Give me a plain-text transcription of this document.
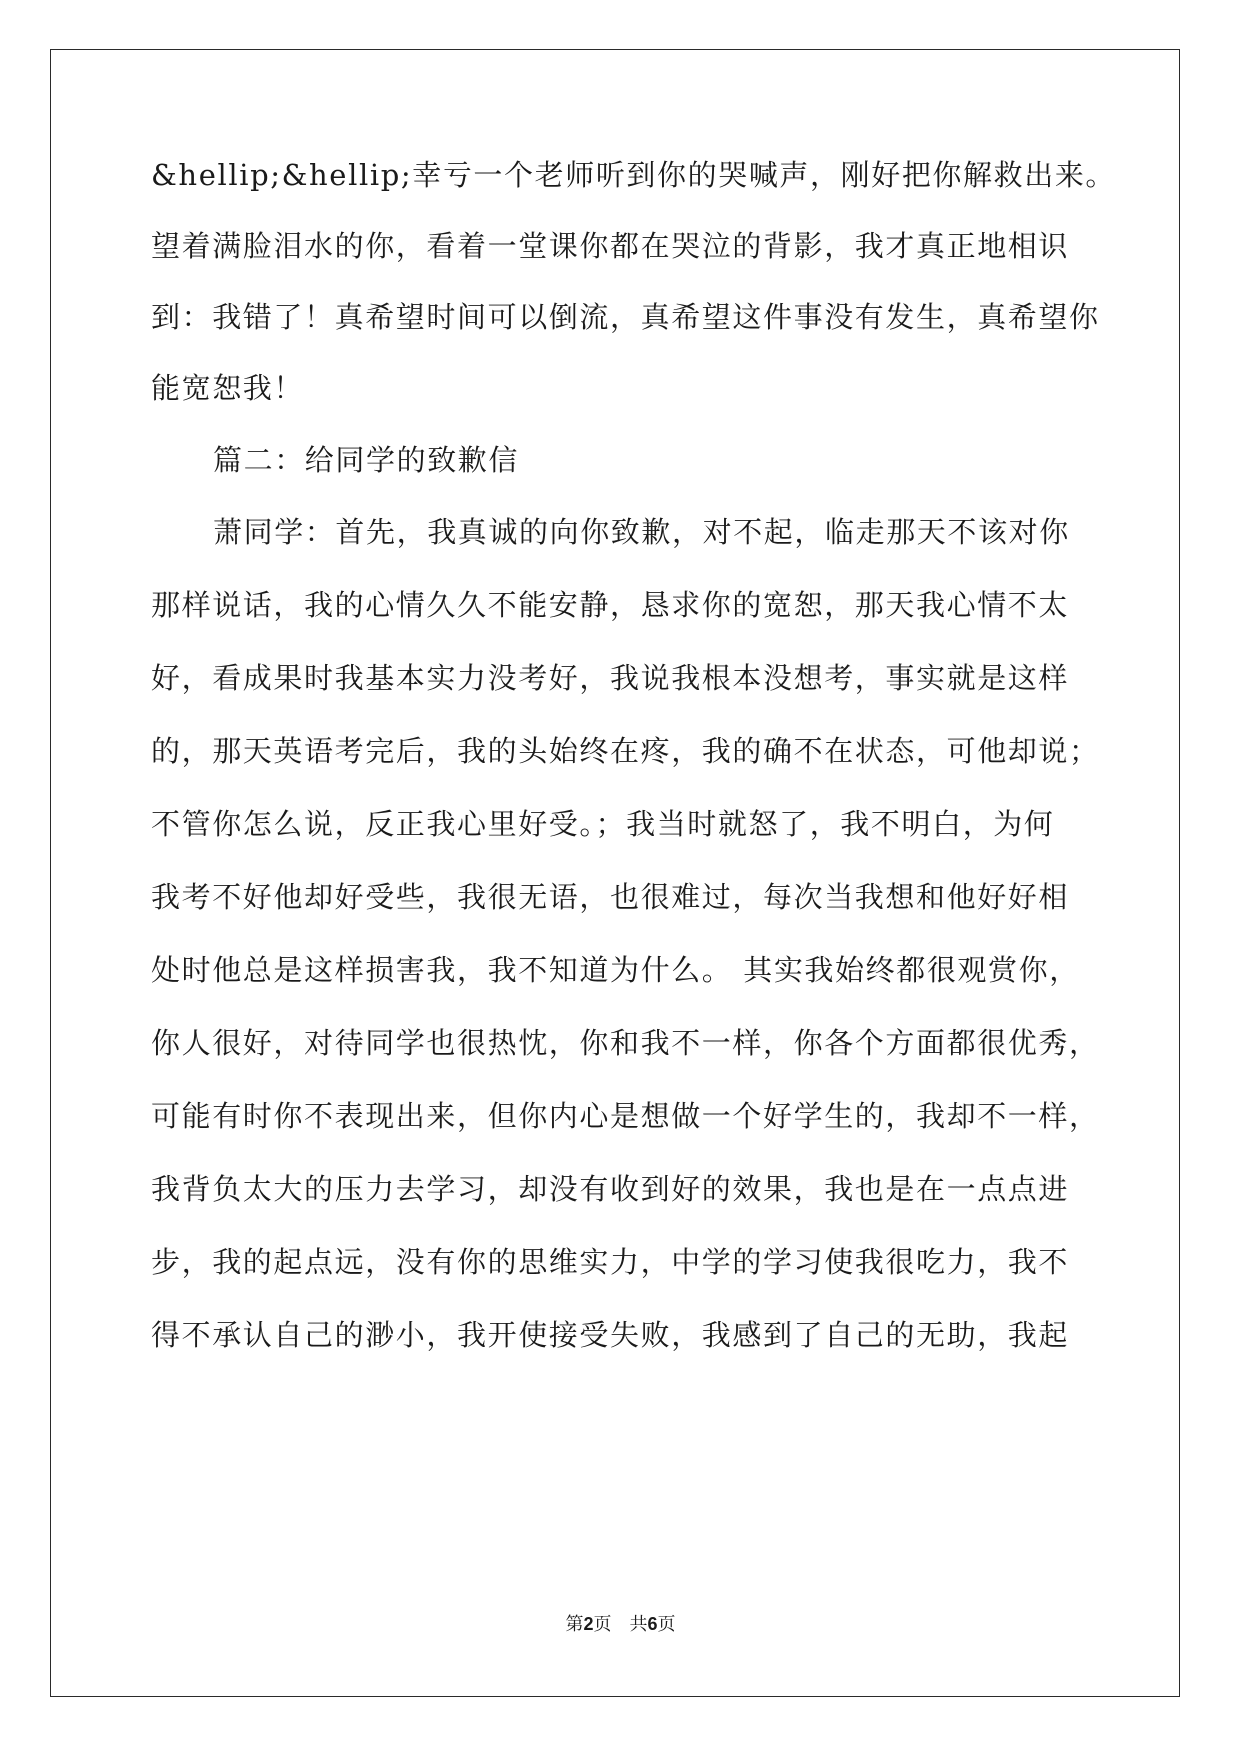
&hellip;&hellip;幸亏一个老师听到你的哭喊声，刚好把你解救出来。
望着满脸泪水的你，看着一堂课你都在哭泣的背影，我才真正地相识
到：我错了！真希望时间可以倒流，真希望这件事没有发生，真希望你
能宽恕我！
篇二：给同学的致歉信
萧同学：首先，我真诚的向你致歉，对不起，临走那天不该对你
那样说话，我的心情久久不能安静，恳求你的宽恕，那天我心情不太
好，看成果时我基本实力没考好，我说我根本没想考，事实就是这样
的，那天英语考完后，我的头始终在疼，我的确不在状态，可他却说；
不管你怎么说，反正我心里好受。；我当时就怒了，我不明白，为何
我考不好他却好受些，我很无语，也很难过，每次当我想和他好好相
处时他总是这样损害我，我不知道为什么。 其实我始终都很观赏你，
你人很好，对待同学也很热忱，你和我不一样，你各个方面都很优秀，
可能有时你不表现出来，但你内心是想做一个好学生的，我却不一样，
我背负太大的压力去学习，却没有收到好的效果，我也是在一点点进
步，我的起点远，没有你的思维实力，中学的学习使我很吃力，我不
得不承认自己的渺小，我开使接受失败，我感到了自己的无助，我起
第2页 共6页
